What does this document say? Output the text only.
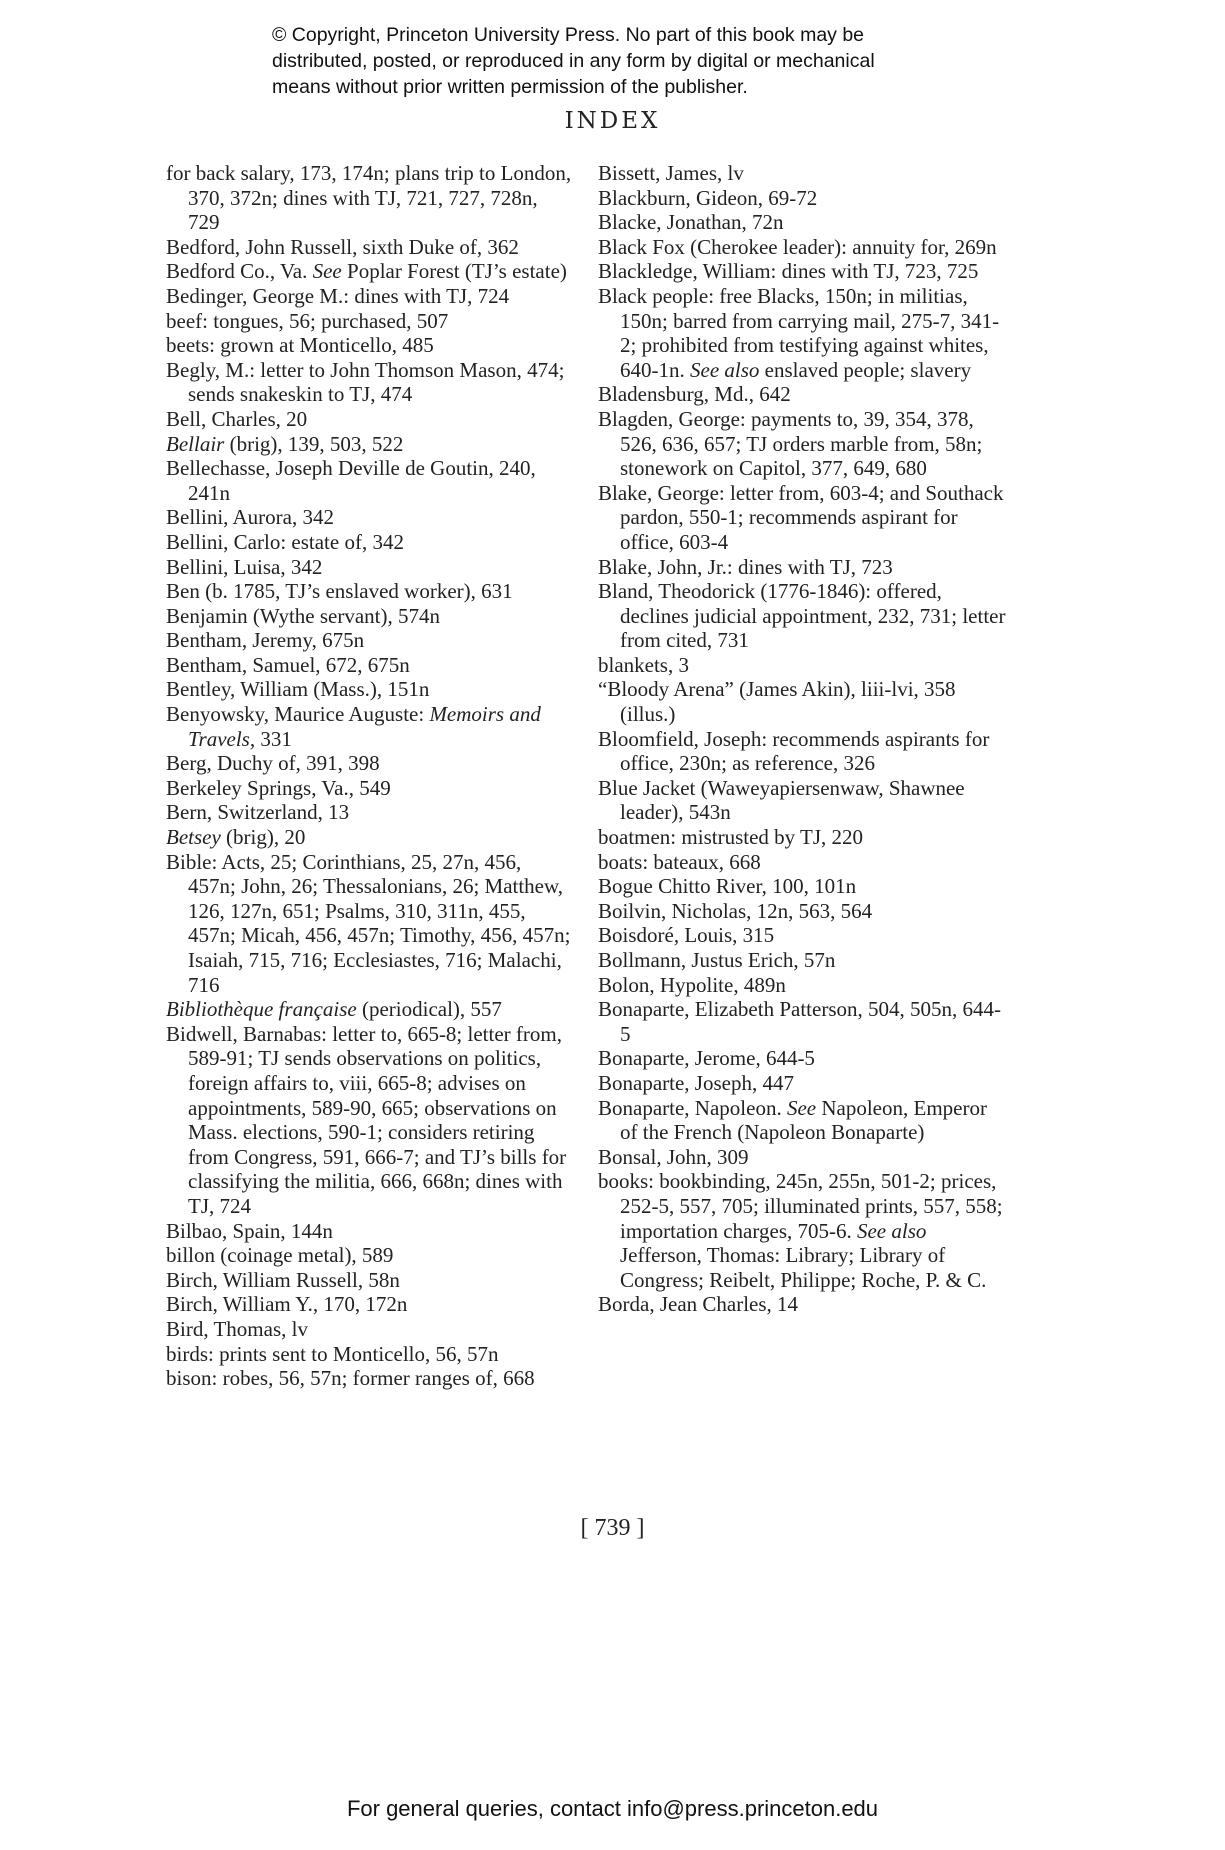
© Copyright, Princeton University Press. No part of this book may be
distributed, posted, or reproduced in any form by digital or mechanical
means without prior written permission of the publisher.
INDEX
for back salary, 173, 174n; plans trip to London, 370, 372n; dines with TJ, 721, 727, 728n, 729
Bedford, John Russell, sixth Duke of, 362
Bedford Co., Va. See Poplar Forest (TJ’s estate)
Bedinger, George M.: dines with TJ, 724
beef: tongues, 56; purchased, 507
beets: grown at Monticello, 485
Begly, M.: letter to John Thomson Mason, 474; sends snakeskin to TJ, 474
Bell, Charles, 20
Bellair (brig), 139, 503, 522
Bellechasse, Joseph Deville de Goutin, 240, 241n
Bellini, Aurora, 342
Bellini, Carlo: estate of, 342
Bellini, Luisa, 342
Ben (b. 1785, TJ’s enslaved worker), 631
Benjamin (Wythe servant), 574n
Bentham, Jeremy, 675n
Bentham, Samuel, 672, 675n
Bentley, William (Mass.), 151n
Benyowsky, Maurice Auguste: Memoirs and Travels, 331
Berg, Duchy of, 391, 398
Berkeley Springs, Va., 549
Bern, Switzerland, 13
Betsey (brig), 20
Bible: Acts, 25; Corinthians, 25, 27n, 456, 457n; John, 26; Thessalonians, 26; Matthew, 126, 127n, 651; Psalms, 310, 311n, 455, 457n; Micah, 456, 457n; Timothy, 456, 457n; Isaiah, 715, 716; Ecclesiastes, 716; Malachi, 716
Bibliothèque française (periodical), 557
Bidwell, Barnabas: letter to, 665-8; letter from, 589-91; TJ sends observations on politics, foreign affairs to, viii, 665-8; advises on appointments, 589-90, 665; observations on Mass. elections, 590-1; considers retiring from Congress, 591, 666-7; and TJ’s bills for classifying the militia, 666, 668n; dines with TJ, 724
Bilbao, Spain, 144n
billon (coinage metal), 589
Birch, William Russell, 58n
Birch, William Y., 170, 172n
Bird, Thomas, lv
birds: prints sent to Monticello, 56, 57n
bison: robes, 56, 57n; former ranges of, 668
Bissett, James, lv
Blackburn, Gideon, 69-72
Blacke, Jonathan, 72n
Black Fox (Cherokee leader): annuity for, 269n
Blackledge, William: dines with TJ, 723, 725
Black people: free Blacks, 150n; in militias, 150n; barred from carrying mail, 275-7, 341-2; prohibited from testifying against whites, 640-1n. See also enslaved people; slavery
Bladensburg, Md., 642
Blagden, George: payments to, 39, 354, 378, 526, 636, 657; TJ orders marble from, 58n; stonework on Capitol, 377, 649, 680
Blake, George: letter from, 603-4; and Southack pardon, 550-1; recommends aspirant for office, 603-4
Blake, John, Jr.: dines with TJ, 723
Bland, Theodorick (1776-1846): offered, declines judicial appointment, 232, 731; letter from cited, 731
blankets, 3
“Bloody Arena” (James Akin), liii-lvi, 358 (illus.)
Bloomfield, Joseph: recommends aspirants for office, 230n; as reference, 326
Blue Jacket (Waweyapiersenwaw, Shawnee leader), 543n
boatmen: mistrusted by TJ, 220
boats: bateaux, 668
Bogue Chitto River, 100, 101n
Boilvin, Nicholas, 12n, 563, 564
Boisdoré, Louis, 315
Bollmann, Justus Erich, 57n
Bolon, Hypolite, 489n
Bonaparte, Elizabeth Patterson, 504, 505n, 644-5
Bonaparte, Jerome, 644-5
Bonaparte, Joseph, 447
Bonaparte, Napoleon. See Napoleon, Emperor of the French (Napoleon Bonaparte)
Bonsal, John, 309
books: bookbinding, 245n, 255n, 501-2; prices, 252-5, 557, 705; illuminated prints, 557, 558; importation charges, 705-6. See also Jefferson, Thomas: Library; Library of Congress; Reibelt, Philippe; Roche, P. & C.
Borda, Jean Charles, 14
[ 739 ]
For general queries, contact info@press.princeton.edu
